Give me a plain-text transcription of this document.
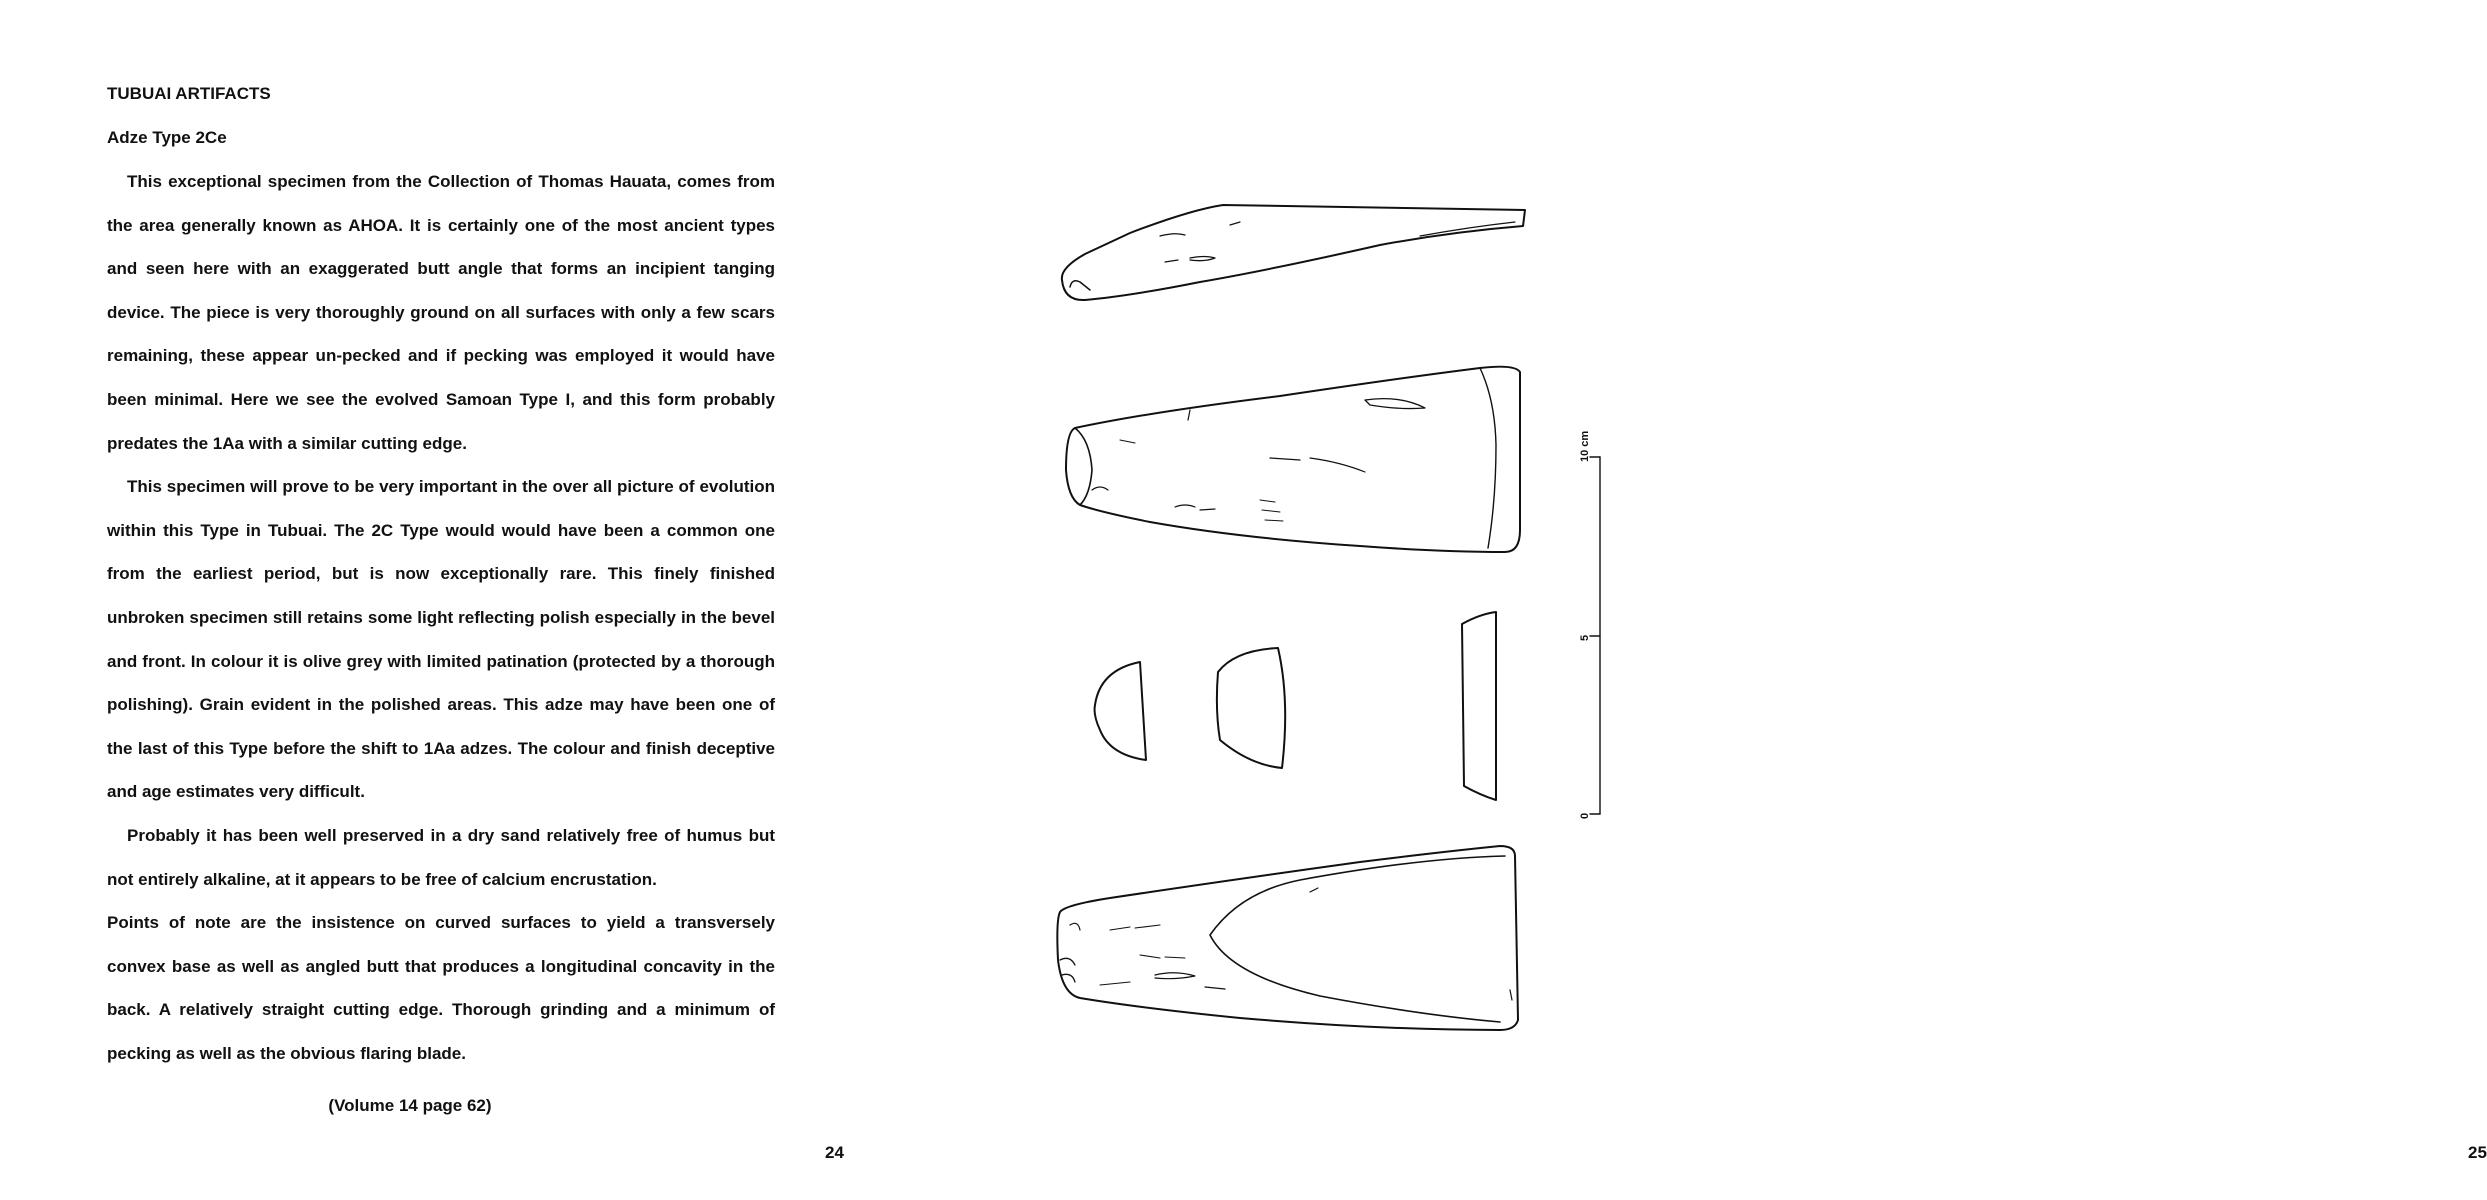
TUBUAI ARTIFACTS
Adze Type 2Ce

This exceptional specimen from the Collection of Thomas Hauata, comes from the area generally known as AHOA. It is certainly one of the most ancient types and seen here with an exaggerated butt angle that forms an incipient tanging device. The piece is very thoroughly ground on all surfaces with only a few scars remaining, these appear un-pecked and if pecking was employed it would have been minimal. Here we see the evolved Samoan Type I, and this form probably predates the 1Aa with a similar cutting edge.

This specimen will prove to be very important in the over all picture of evolution within this Type in Tubuai. The 2C Type would would have been a common one from the earliest period, but is now exceptionally rare. This finely finished unbroken specimen still retains some light reflecting polish especially in the bevel and front. In colour it is olive grey with limited patination (protected by a thorough polishing). Grain evident in the polished areas. This adze may have been one of the last of this Type before the shift to 1Aa adzes. The colour and finish deceptive and age estimates very difficult.

Probably it has been well preserved in a dry sand relatively free of humus but not entirely alkaline, at it appears to be free of calcium encrustation.

Points of note are the insistence on curved surfaces to yield a transversely convex base as well as angled butt that produces a longitudinal concavity in the back. A relatively straight cutting edge. Thorough grinding and a minimum of pecking as well as the obvious flaring blade.

(Volume 14 page 62)
24	25
10 cm
5
0
